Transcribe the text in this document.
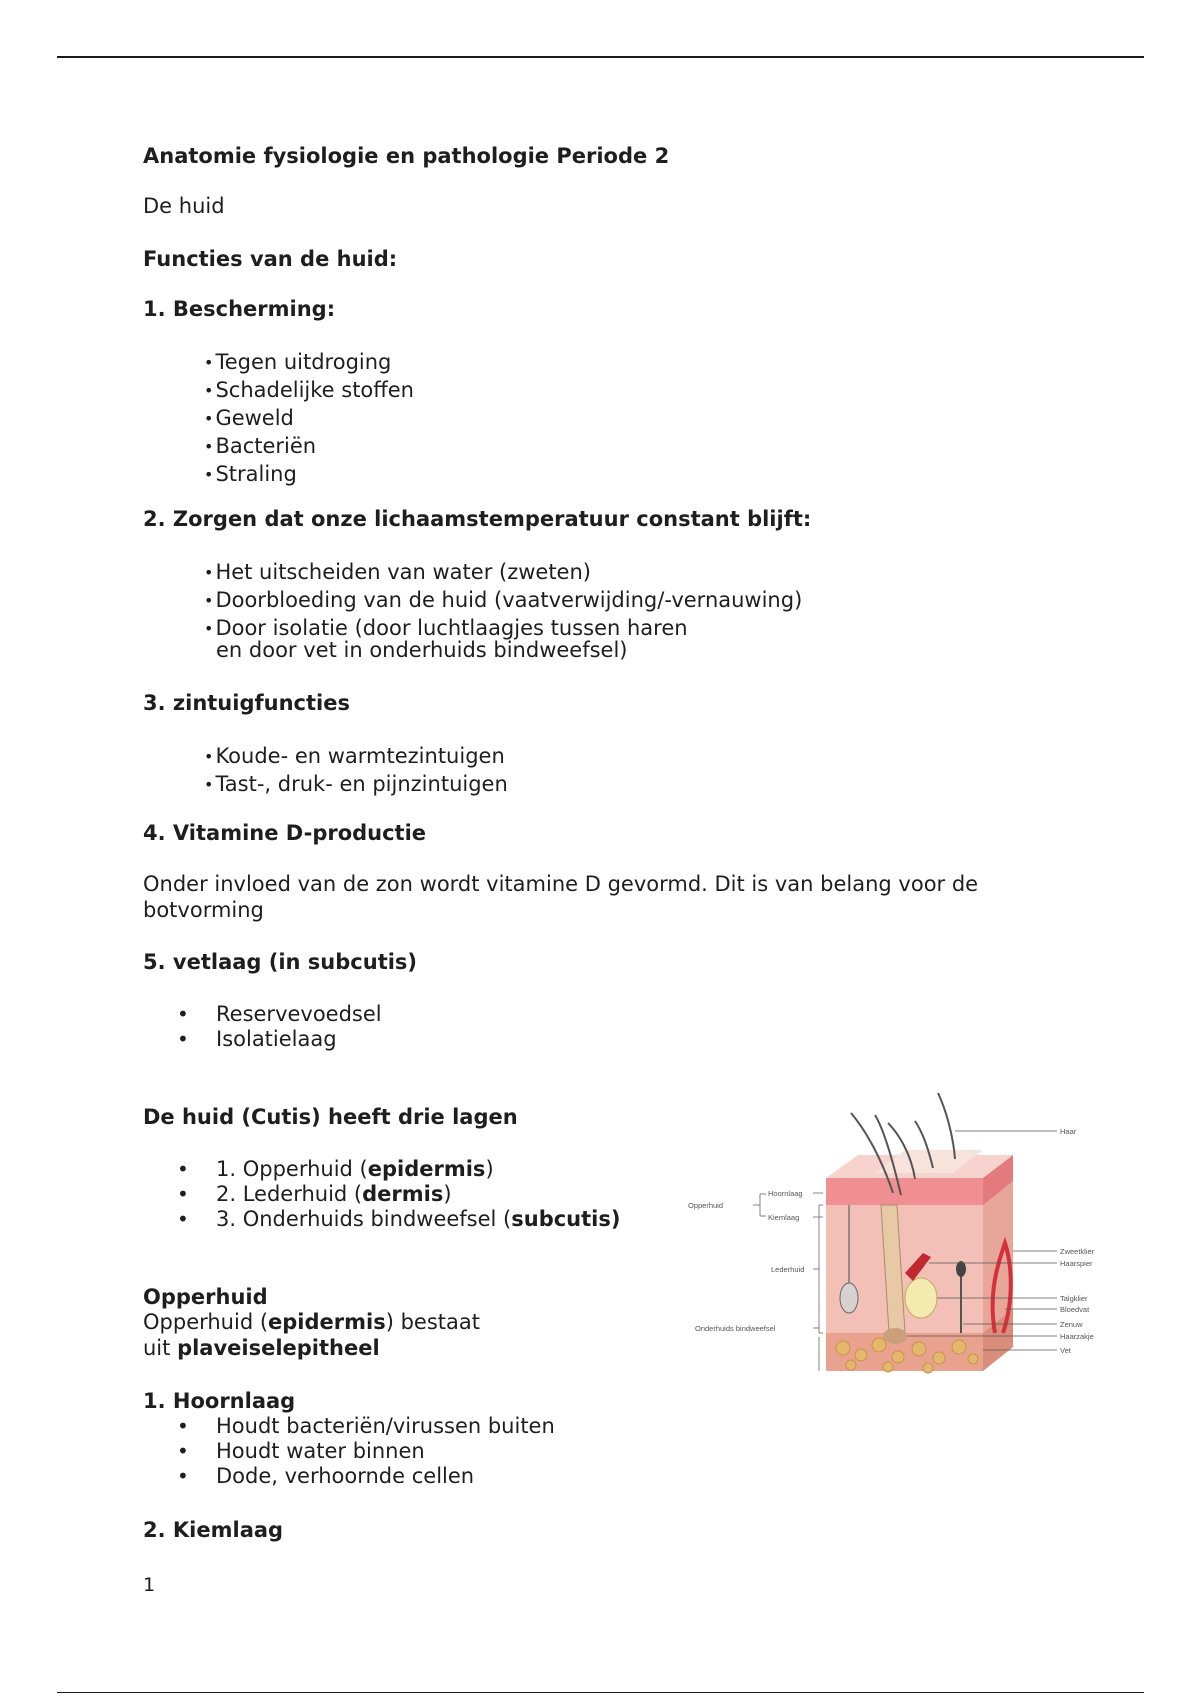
Anatomie fysiologie en pathologie Periode 2

De huid

Functies van de huid:

1. Bescherming:

• Tegen uitdroging
• Schadelijke stoffen
• Geweld
• Bacteriën
• Straling

2. Zorgen dat onze lichaamstemperatuur constant blijft:

• Het uitscheiden van water (zweten)
• Doorbloeding van de huid (vaatverwijding/-vernauwing)
• Door isolatie (door luchtlaagjes tussen haren

en door vet in onderhuids bindweefsel)

3. zintuigfuncties

• Koude- en warmtezintuigen
• Tast-, druk- en pijnzintuigen

4. Vitamine D-productie

Onder invloed van de zon wordt vitamine D gevormd. Dit is van belang voor de botvorming

5. vetlaag (in subcutis)

• Reservevoedsel
• Isolatielaag

De huid (Cutis) heeft drie lagen

• 1. Opperhuid (epidermis)
• 2. Lederhuid (dermis)
• 3. Onderhuids bindweefsel (subcutis)

Opperhuid

Opperhuid (epidermis) bestaat

uit plaveiselepitheel

1. Hoornlaag

• Houdt bacteriën/virussen buiten
• Houdt water binnen
• Dode, verhoornde cellen

2. Kiemlaag

1

Opperhuid
Hoornlaag
Kiemlaag
Lederhuid
Onderhuids bindweefsel
Haar
Zweetklier
Haarspier
Talgklier
Bloedvat
Zenuw
Haarzakje
Vet
